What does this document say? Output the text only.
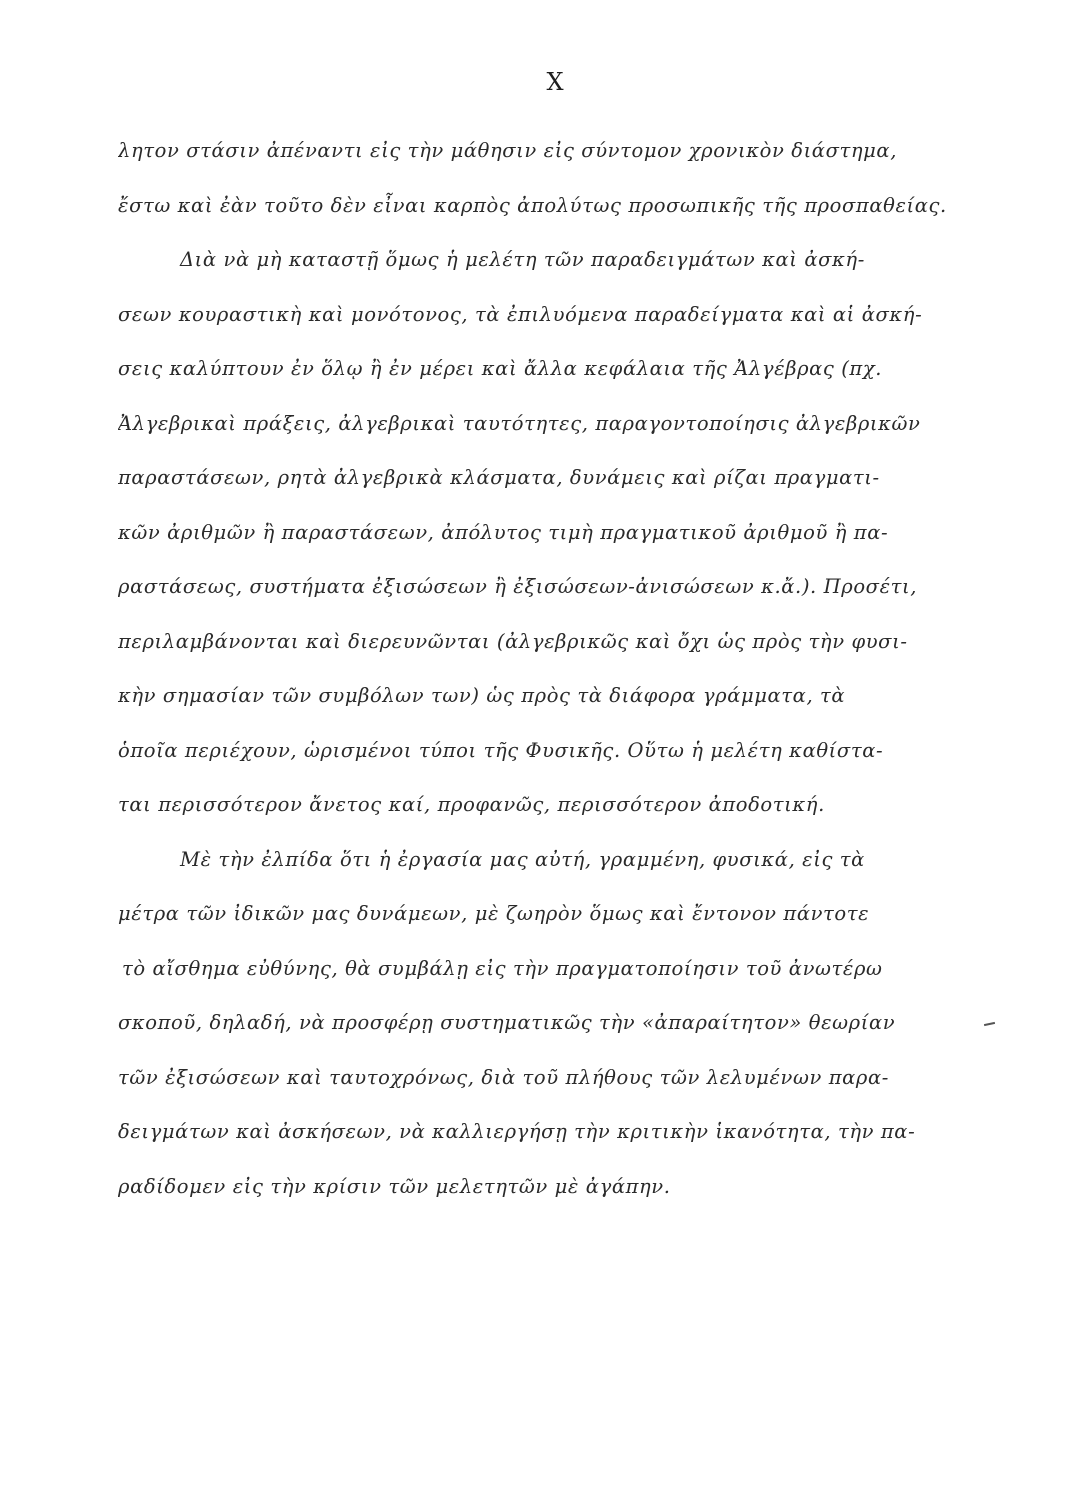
X
λητον στάσιν ἀπέναντι εἰς τὴν μάθησιν εἰς σύντομον χρονικὸν διάστημα,
ἔστω καὶ ἐὰν τοῦτο δὲν εἶναι καρπὸς ἀπολύτως προσωπικῆς τῆς προσπαθείας.
Διὰ νὰ μὴ καταστῇ ὅμως ἡ μελέτη τῶν παραδειγμάτων καὶ ἀσκή-
σεων κουραστικὴ καὶ μονότονος, τὰ ἐπιλυόμενα παραδείγματα καὶ αἱ ἀσκή-
σεις καλύπτουν ἐν ὅλῳ ἢ ἐν μέρει καὶ ἄλλα κεφάλαια τῆς Ἀλγέβρας (πχ.
Ἀλγεβρικαὶ πράξεις, ἀλγεβρικαὶ ταυτότητες, παραγοντοποίησις ἀλγεβρικῶν
παραστάσεων, ρητὰ ἀλγεβρικὰ κλάσματα, δυνάμεις καὶ ρίζαι πραγματι-
κῶν ἀριθμῶν ἢ παραστάσεων, ἀπόλυτος τιμὴ πραγματικοῦ ἀριθμοῦ ἢ πα-
ραστάσεως, συστήματα ἐξισώσεων ἢ ἐξισώσεων-ἀνισώσεων κ.ἄ.). Προσέτι,
περιλαμβάνονται καὶ διερευνῶνται (ἀλγεβρικῶς καὶ ὄχι ὡς πρὸς τὴν φυσι-
κὴν σημασίαν τῶν συμβόλων των) ὡς πρὸς τὰ διάφορα γράμματα, τὰ
ὁποῖα περιέχουν, ὡρισμένοι τύποι τῆς Φυσικῆς. Οὕτω ἡ μελέτη καθίστα-
ται περισσότερον ἄνετος καί, προφανῶς, περισσότερον ἀποδοτική.
Μὲ τὴν ἐλπίδα ὅτι ἡ ἐργασία μας αὐτή, γραμμένη, φυσικά, εἰς τὰ
μέτρα τῶν ἰδικῶν μας δυνάμεων, μὲ ζωηρὸν ὅμως καὶ ἔντονον πάντοτε
τὸ αἴσθημα εὐθύνης, θὰ συμβάλῃ εἰς τὴν πραγματοποίησιν τοῦ ἀνωτέρω
σκοποῦ, δηλαδή, νὰ προσφέρῃ συστηματικῶς τὴν «ἀπαραίτητον» θεωρίαν
τῶν ἐξισώσεων καὶ ταυτοχρόνως, διὰ τοῦ πλήθους τῶν λελυμένων παρα-
δειγμάτων καὶ ἀσκήσεων, νὰ καλλιεργήσῃ τὴν κριτικὴν ἱκανότητα, τὴν πα-
ραδίδομεν εἰς τὴν κρίσιν τῶν μελετητῶν μὲ ἀγάπην.
